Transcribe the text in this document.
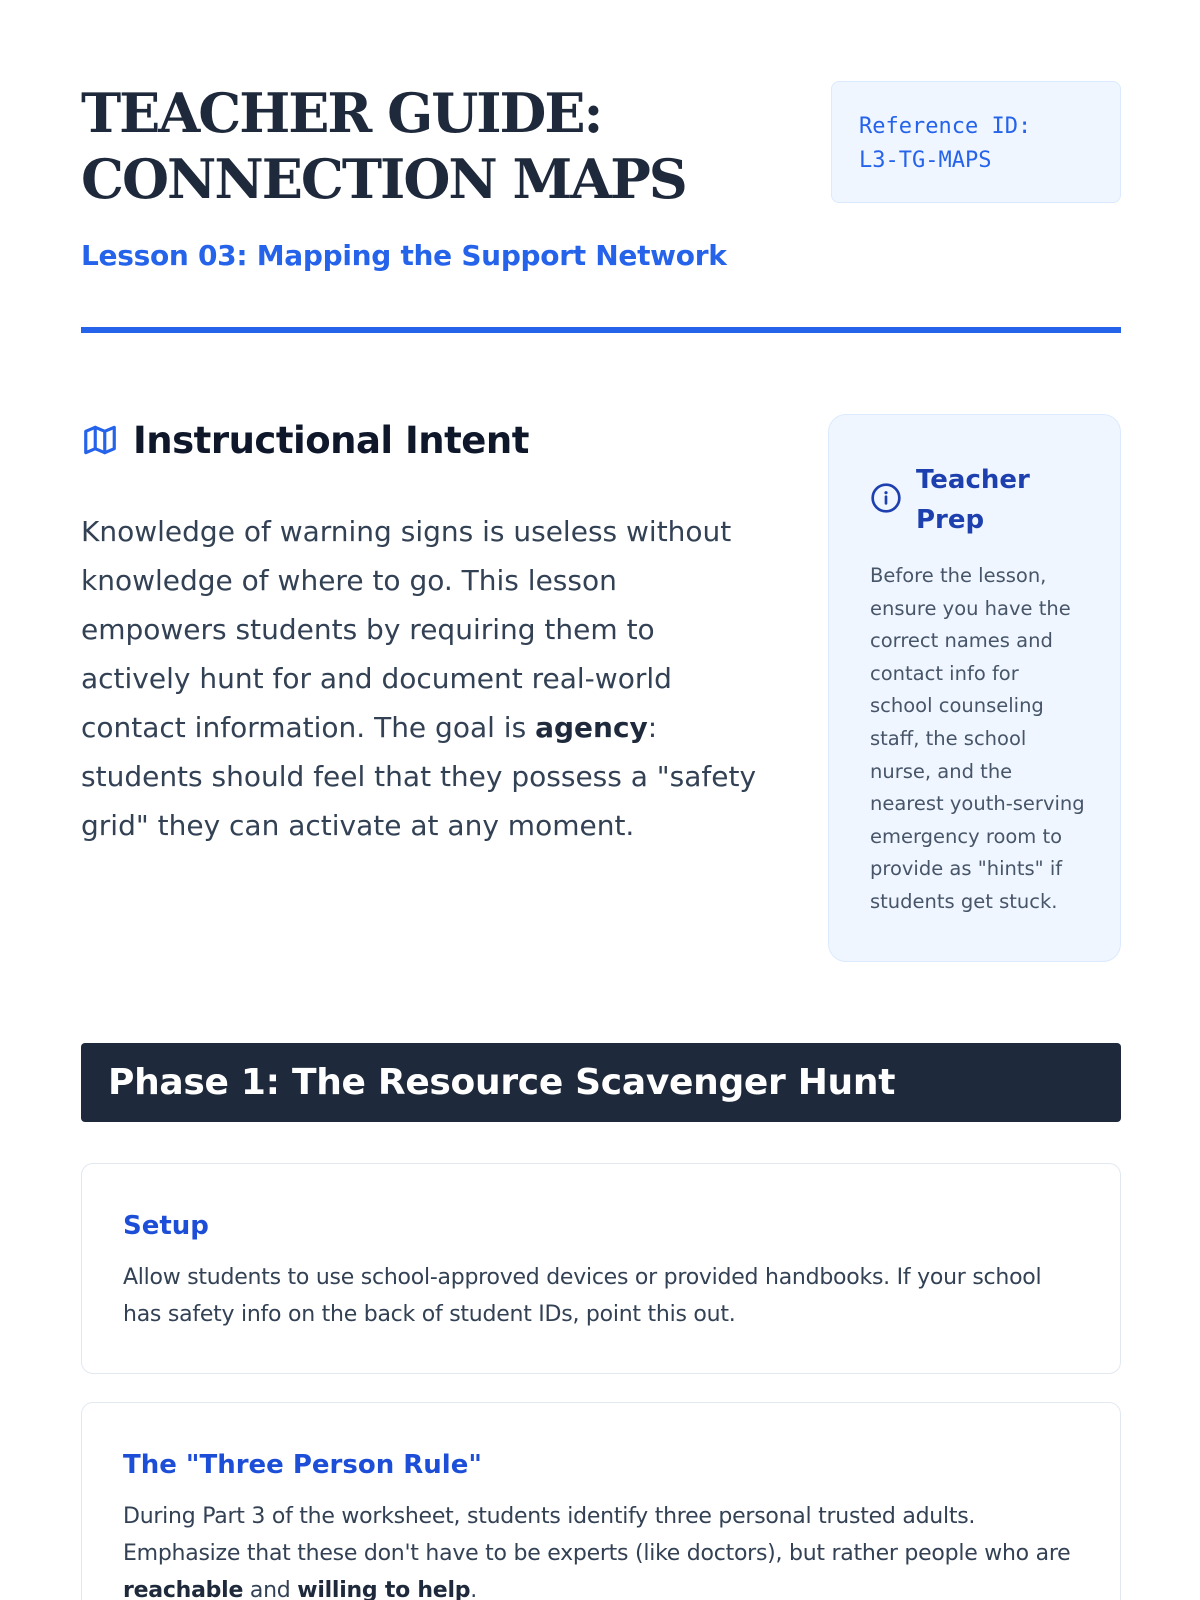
TEACHER GUIDE:
CONNECTION MAPS
Lesson 03: Mapping the Support Network
Reference ID:
L3-TG-MAPS
Instructional Intent

Knowledge of warning signs is useless without knowledge of where to go. This lesson empowers students by requiring them to actively hunt for and document real-world contact information. The goal is agency: students should feel that they possess a "safety grid" they can activate at any moment.

Teacher Prep

Before the lesson, ensure you have the correct names and contact info for school counseling staff, the school nurse, and the nearest youth-serving emergency room to provide as "hints" if students get stuck.

Phase 1: The Resource Scavenger Hunt
Setup

Allow students to use school-approved devices or provided handbooks. If your school has safety info on the back of student IDs, point this out.

The "Three Person Rule"

During Part 3 of the worksheet, students identify three personal trusted adults. Emphasize that these don't have to be experts (like doctors), but rather people who are reachable and willing to help.
